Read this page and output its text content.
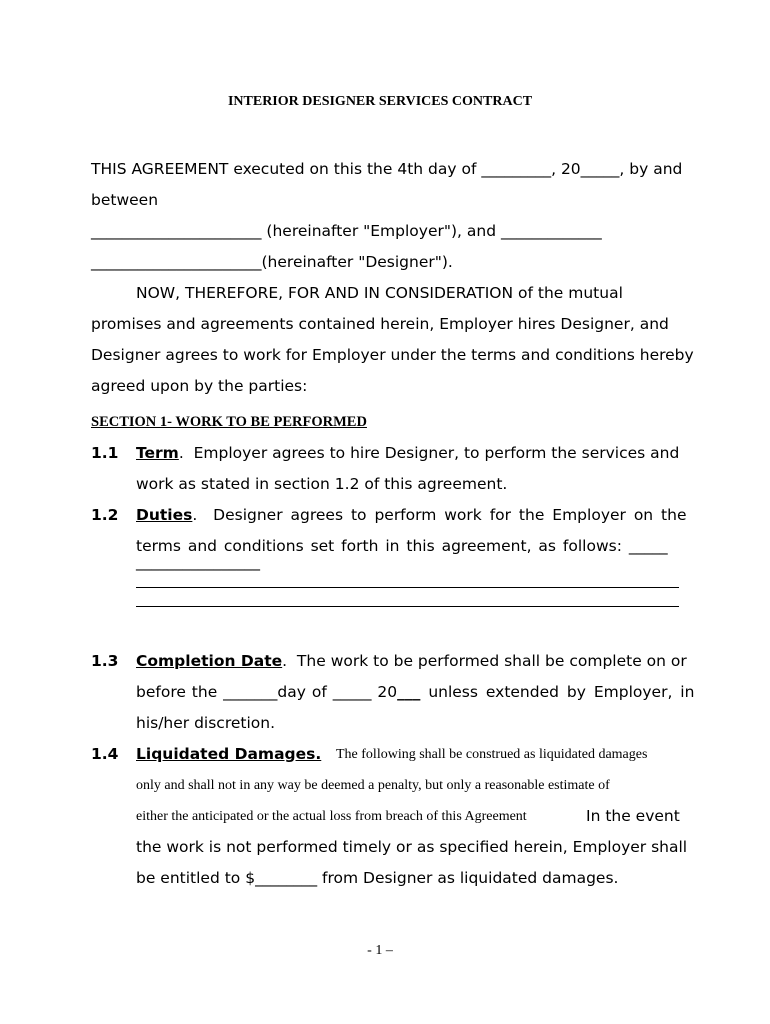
INTERIOR DESIGNER SERVICES CONTRACT
THIS AGREEMENT executed on this the 4th day of _________, 20_____, by and
between
______________________ (hereinafter "Employer"), and _____________
______________________(hereinafter "Designer").
NOW, THEREFORE, FOR AND IN CONSIDERATION of the mutual
promises and agreements contained herein, Employer hires Designer, and
Designer agrees to work for Employer under the terms and conditions hereby
agreed upon by the parties:
SECTION 1- WORK TO BE PERFORMED
1.1 Term.  Employer agrees to hire Designer, to perform the services and
work as stated in section 1.2 of this agreement.
1.2 Duties.  Designer agrees to perform work for the Employer on the
terms and conditions set forth in this agreement, as follows: _____
________________
1.3 Completion Date.  The work to be performed shall be complete on or
before the _______day of _____ 20___ unless extended by Employer, in
his/her discretion.
1.4 Liquidated Damages. The following shall be construed as liquidated damages
only and shall not in any way be deemed a penalty, but only a reasonable estimate of
either the anticipated or the actual loss from breach of this Agreement	In the event
the work is not performed timely or as specified herein, Employer shall
be entitled to $________ from Designer as liquidated damages.
- 1 –
